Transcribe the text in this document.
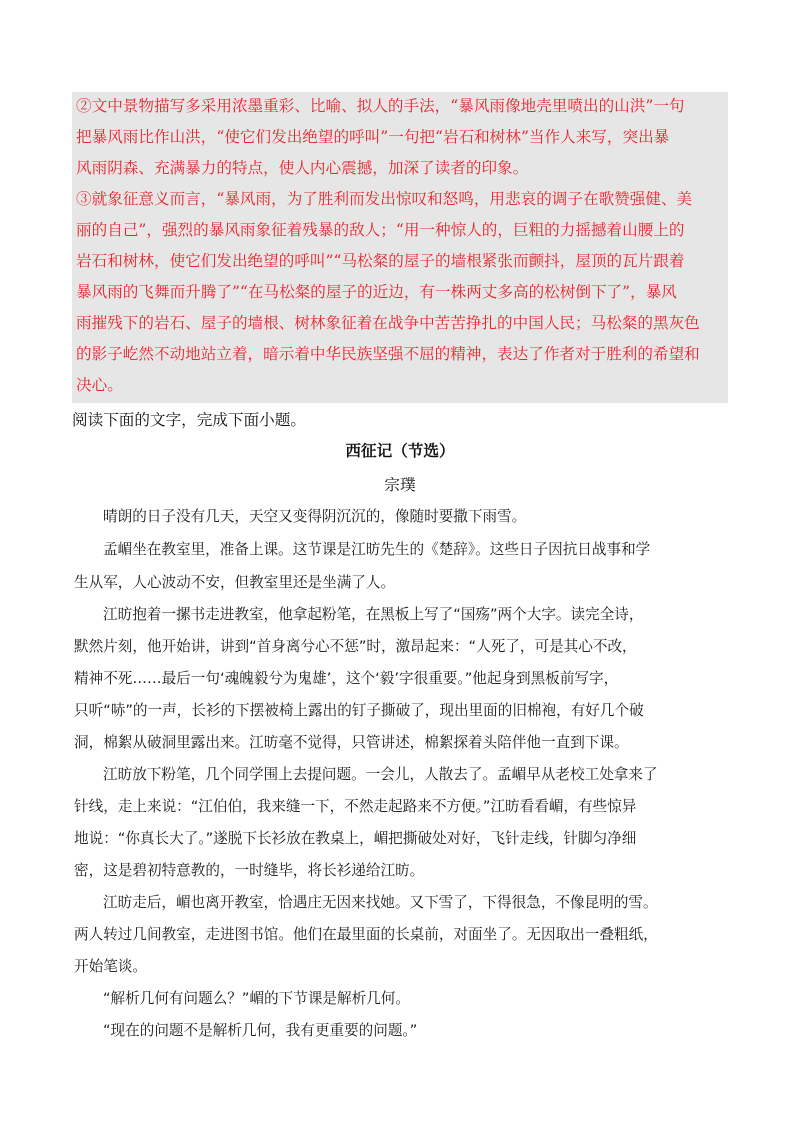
②文中景物描写多采用浓墨重彩、比喻、拟人的手法，“暴风雨像地壳里喷出的山洪”一句
把暴风雨比作山洪，“使它们发出绝望的呼叫”一句把“岩石和树林”当作人来写，突出暴
风雨阴森、充满暴力的特点，使人内心震撼，加深了读者的印象。
③就象征意义而言，“暴风雨，为了胜利而发出惊叹和怒鸣，用悲哀的调子在歌赞强健、美
丽的自己”，强烈的暴风雨象征着残暴的敌人；“用一种惊人的，巨粗的力摇撼着山腰上的
岩石和树林，使它们发出绝望的呼叫”“马松粲的屋子的墙根紧张而颤抖，屋顶的瓦片跟着
暴风雨的飞舞而升腾了”“在马松粲的屋子的近边，有一株两丈多高的松树倒下了”，暴风
雨摧残下的岩石、屋子的墙根、树林象征着在战争中苦苦挣扎的中国人民；马松粲的黑灰色
的影子屹然不动地站立着，暗示着中华民族坚强不屈的精神，表达了作者对于胜利的希望和
决心。
阅读下面的文字，完成下面小题。
西征记（节选）
宗璞
晴朗的日子没有几天，天空又变得阴沉沉的，像随时要撒下雨雪。
孟嵋坐在教室里，准备上课。这节课是江昉先生的《楚辞》。这些日子因抗日战事和学
生从军，人心波动不安，但教室里还是坐满了人。
江昉抱着一摞书走进教室，他拿起粉笔，在黑板上写了“国殇”两个大字。读完全诗，
默然片刻，他开始讲，讲到“首身离兮心不惩”时，激昂起来：“人死了，可是其心不改，
精神不死……最后一句‘魂魄毅兮为鬼雄’，这个‘毅’字很重要。”他起身到黑板前写字，
只听“哧”的一声，长衫的下摆被椅上露出的钉子撕破了，现出里面的旧棉袍，有好几个破
洞，棉絮从破洞里露出来。江昉毫不觉得，只管讲述，棉絮探着头陪伴他一直到下课。
江昉放下粉笔，几个同学围上去提问题。一会儿，人散去了。孟嵋早从老校工处拿来了
针线，走上来说：“江伯伯，我来缝一下，不然走起路来不方便。”江昉看看嵋，有些惊异
地说：“你真长大了。”遂脱下长衫放在教桌上，嵋把撕破处对好，飞针走线，针脚匀净细
密，这是碧初特意教的，一时缝毕，将长衫递给江昉。
江昉走后，嵋也离开教室，恰遇庄无因来找她。又下雪了，下得很急，不像昆明的雪。
两人转过几间教室，走进图书馆。他们在最里面的长桌前，对面坐了。无因取出一叠粗纸，
开始笔谈。
“解析几何有问题么？”嵋的下节课是解析几何。
“现在的问题不是解析几何，我有更重要的问题。”
